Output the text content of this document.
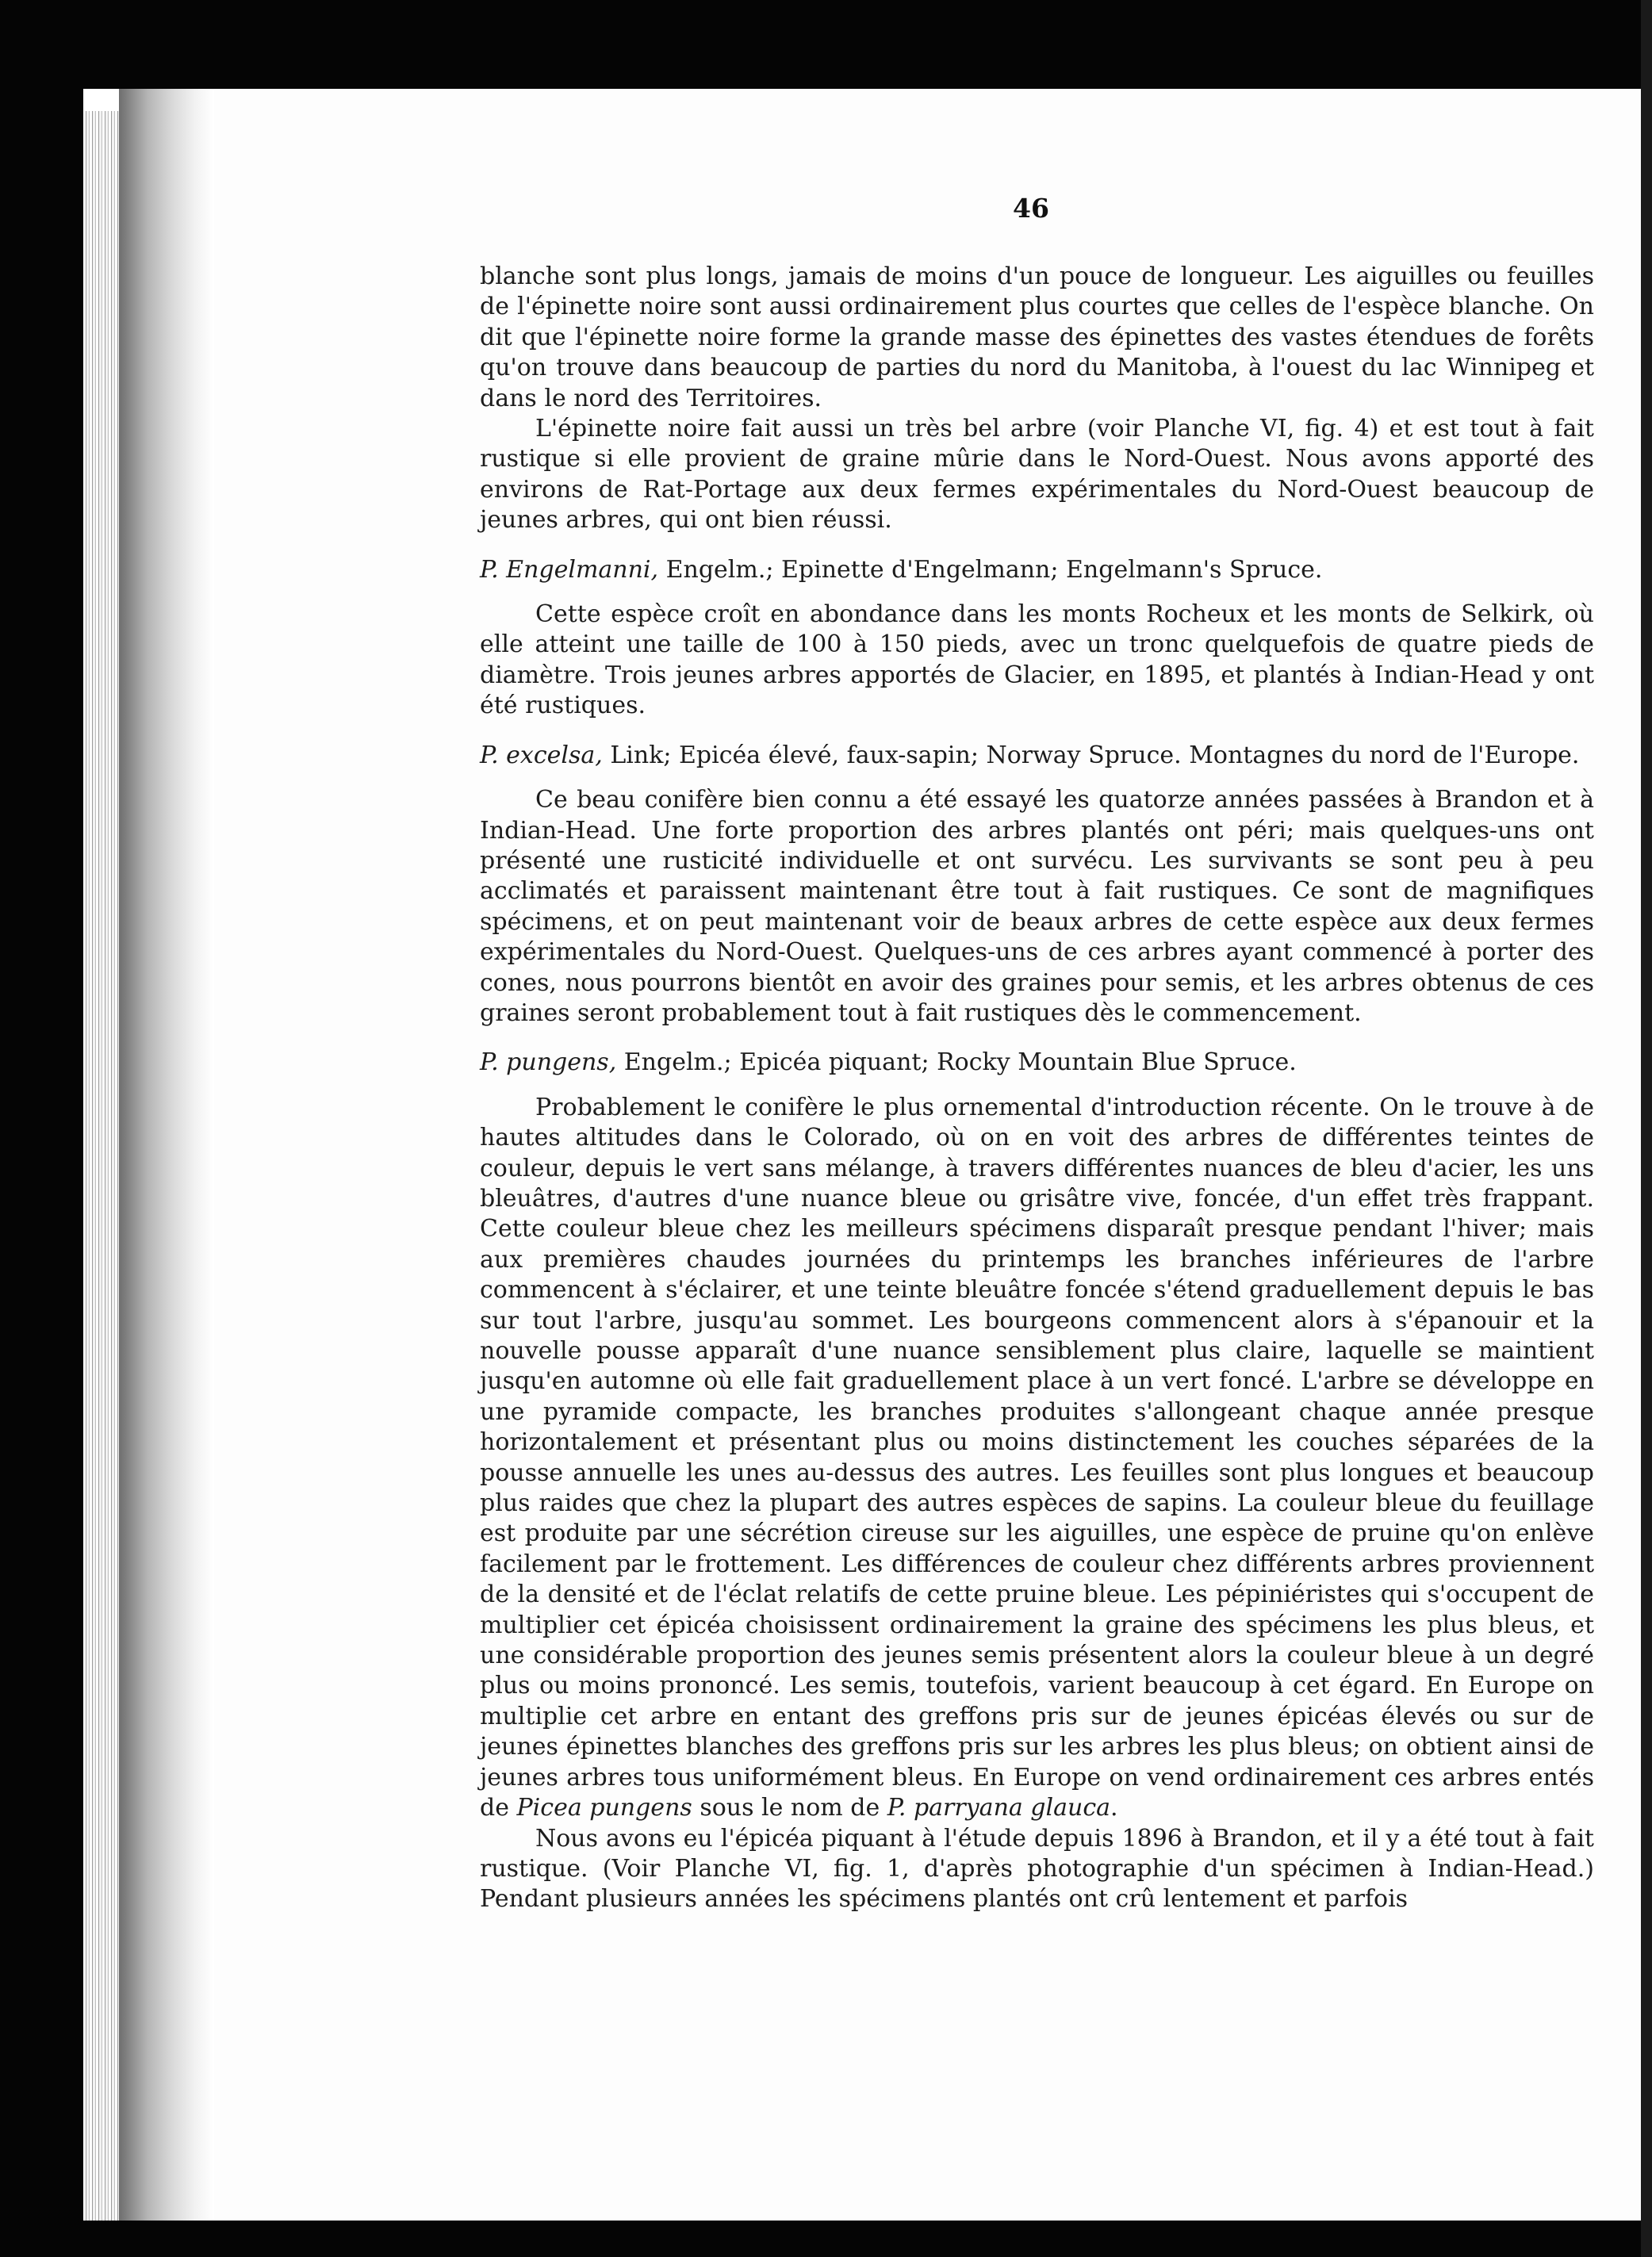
46

blanche sont plus longs, jamais de moins d'un pouce de longueur. Les aiguilles ou feuilles de l'épinette noire sont aussi ordinairement plus courtes que celles de l'espèce blanche. On dit que l'épinette noire forme la grande masse des épinettes des vastes étendues de forêts qu'on trouve dans beaucoup de parties du nord du Manitoba, à l'ouest du lac Winnipeg et dans le nord des Territoires.

L'épinette noire fait aussi un très bel arbre (voir Planche VI, fig. 4) et est tout à fait rustique si elle provient de graine mûrie dans le Nord-Ouest. Nous avons apporté des environs de Rat-Portage aux deux fermes expérimentales du Nord-Ouest beaucoup de jeunes arbres, qui ont bien réussi.

P. Engelmanni, Engelm.; Epinette d'Engelmann; Engelmann's Spruce.

Cette espèce croît en abondance dans les monts Rocheux et les monts de Selkirk, où elle atteint une taille de 100 à 150 pieds, avec un tronc quelquefois de quatre pieds de diamètre. Trois jeunes arbres apportés de Glacier, en 1895, et plantés à Indian-Head y ont été rustiques.

P. excelsa, Link; Epicéa élevé, faux-sapin; Norway Spruce. Montagnes du nord de l'Europe.

Ce beau conifère bien connu a été essayé les quatorze années passées à Brandon et à Indian-Head. Une forte proportion des arbres plantés ont péri; mais quelques-uns ont présenté une rusticité individuelle et ont survécu. Les survivants se sont peu à peu acclimatés et paraissent maintenant être tout à fait rustiques. Ce sont de magnifiques spécimens, et on peut maintenant voir de beaux arbres de cette espèce aux deux fermes expérimentales du Nord-Ouest. Quelques-uns de ces arbres ayant commencé à porter des cones, nous pourrons bientôt en avoir des graines pour semis, et les arbres obtenus de ces graines seront probablement tout à fait rustiques dès le commencement.

P. pungens, Engelm.; Epicéa piquant; Rocky Mountain Blue Spruce.

Probablement le conifère le plus ornemental d'introduction récente. On le trouve à de hautes altitudes dans le Colorado, où on en voit des arbres de différentes teintes de couleur, depuis le vert sans mélange, à travers différentes nuances de bleu d'acier, les uns bleuâtres, d'autres d'une nuance bleue ou grisâtre vive, foncée, d'un effet très frappant. Cette couleur bleue chez les meilleurs spécimens disparaît presque pendant l'hiver; mais aux premières chaudes journées du printemps les branches inférieures de l'arbre commencent à s'éclairer, et une teinte bleuâtre foncée s'étend graduellement depuis le bas sur tout l'arbre, jusqu'au sommet. Les bourgeons commencent alors à s'épanouir et la nouvelle pousse apparaît d'une nuance sensiblement plus claire, laquelle se maintient jusqu'en automne où elle fait graduellement place à un vert foncé. L'arbre se développe en une pyramide compacte, les branches produites s'allongeant chaque année presque horizontalement et présentant plus ou moins distinctement les couches séparées de la pousse annuelle les unes au-dessus des autres. Les feuilles sont plus longues et beaucoup plus raides que chez la plupart des autres espèces de sapins. La couleur bleue du feuillage est produite par une sécrétion cireuse sur les aiguilles, une espèce de pruine qu'on enlève facilement par le frottement. Les différences de couleur chez différents arbres proviennent de la densité et de l'éclat relatifs de cette pruine bleue. Les pépiniéristes qui s'occupent de multiplier cet épicéa choisissent ordinairement la graine des spécimens les plus bleus, et une considérable proportion des jeunes semis présentent alors la couleur bleue à un degré plus ou moins prononcé. Les semis, toutefois, varient beaucoup à cet égard. En Europe on multiplie cet arbre en entant des greffons pris sur de jeunes épicéas élevés ou sur de jeunes épinettes blanches des greffons pris sur les arbres les plus bleus; on obtient ainsi de jeunes arbres tous uniformément bleus. En Europe on vend ordinairement ces arbres entés de Picea pungens sous le nom de P. parryana glauca.

Nous avons eu l'épicéa piquant à l'étude depuis 1896 à Brandon, et il y a été tout à fait rustique. (Voir Planche VI, fig. 1, d'après photographie d'un spécimen à Indian-Head.) Pendant plusieurs années les spécimens plantés ont crû lentement et parfois
